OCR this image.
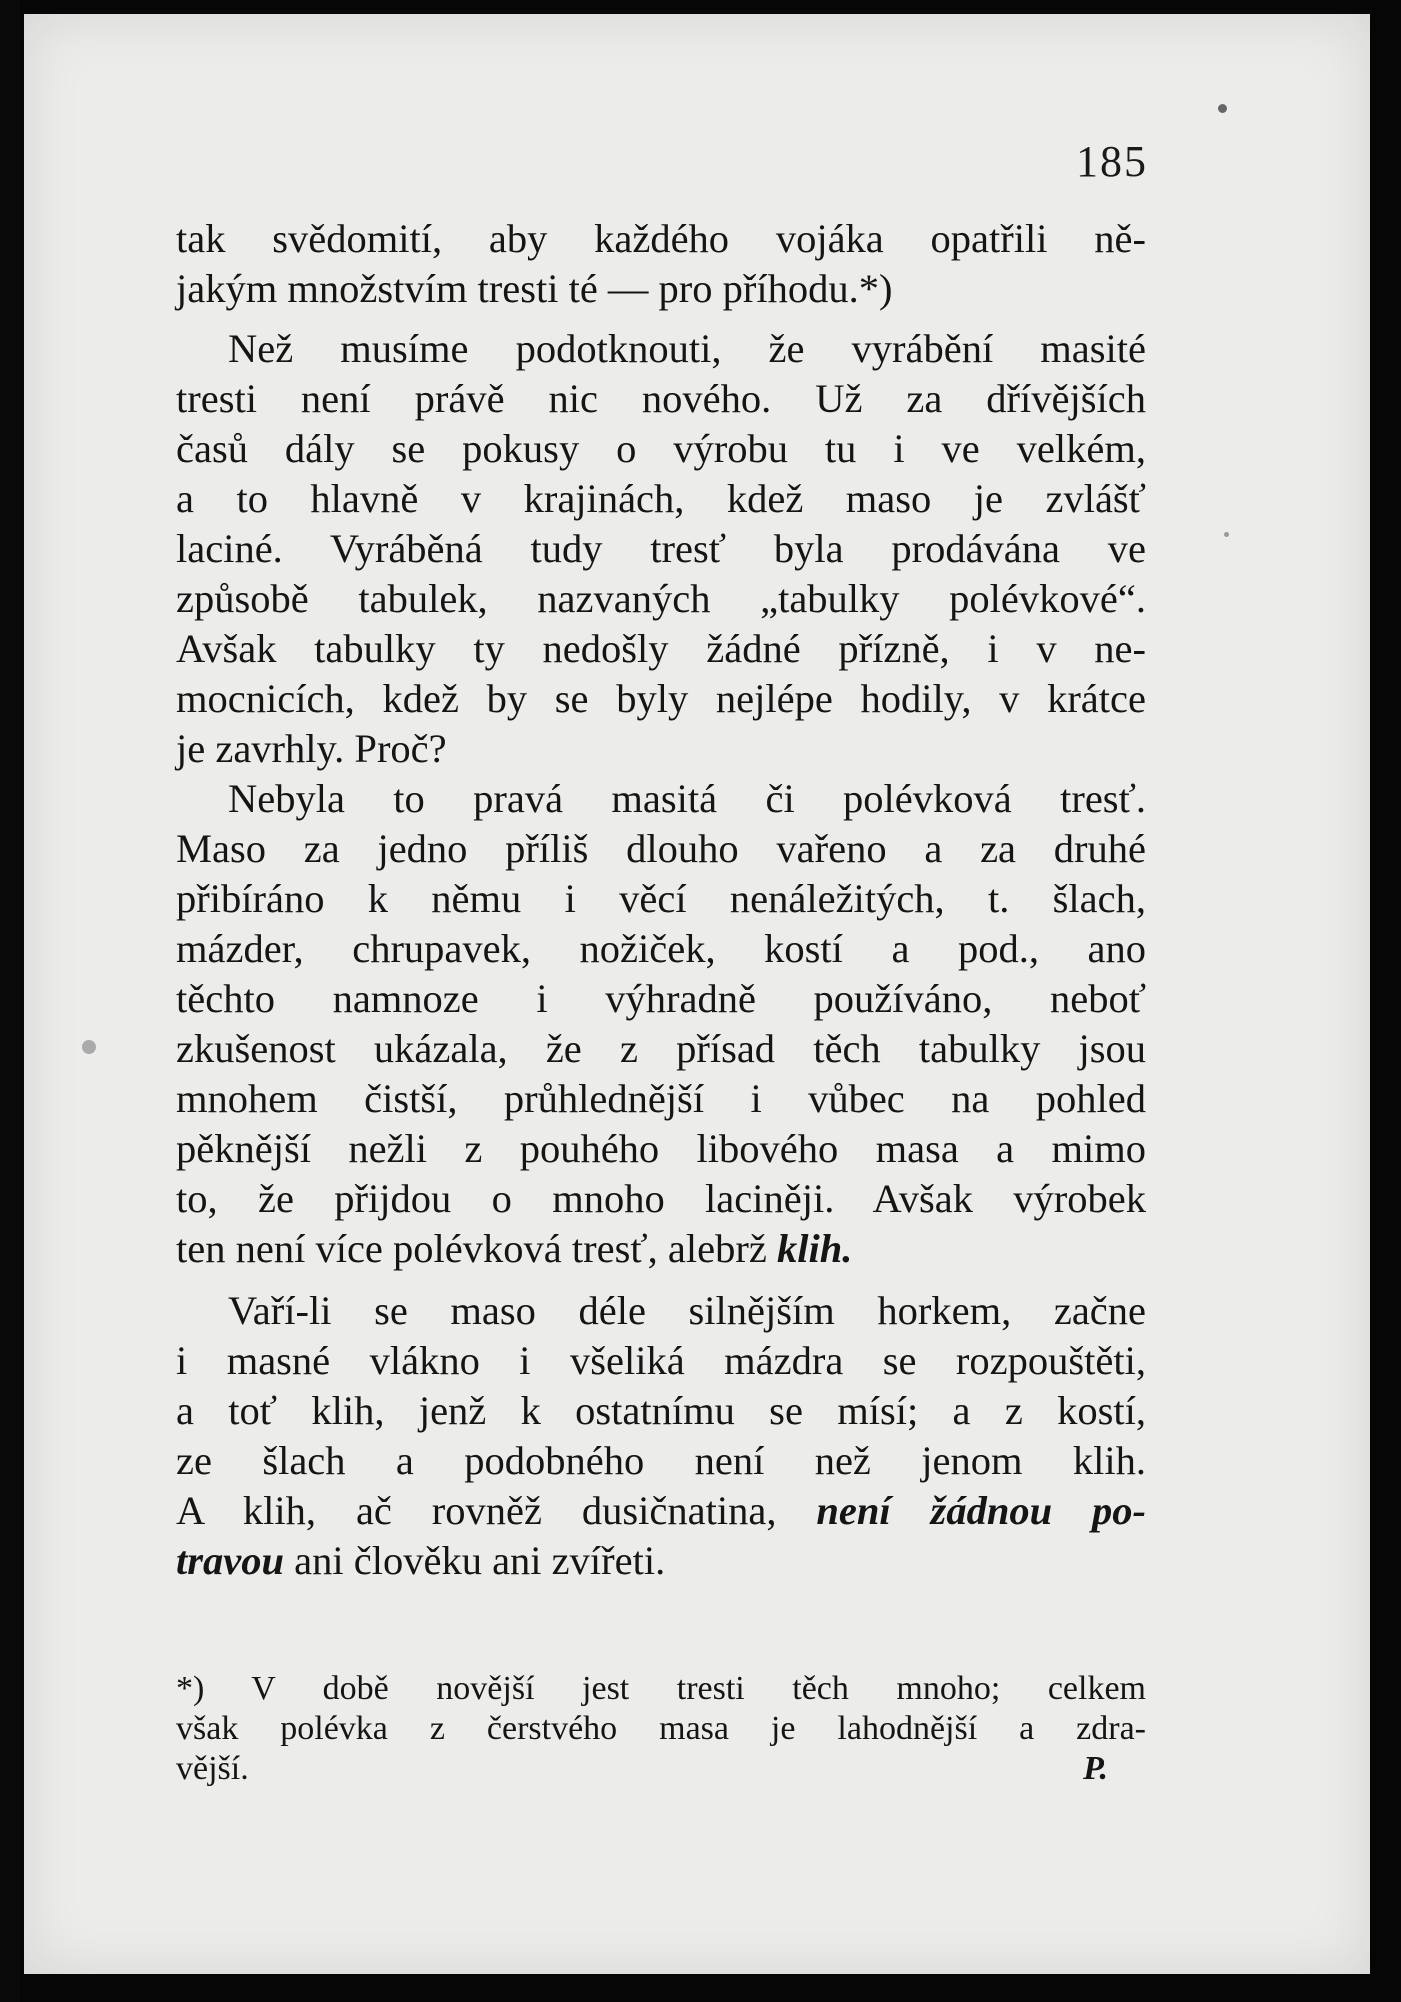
185
tak svědomití, aby každého vojáka opatřili ně-
jakým množstvím tresti té — pro příhodu.*)
Než musíme podotknouti, že vyrábění masité
tresti není právě nic nového. Už za dřívějších
časů dály se pokusy o výrobu tu i ve velkém,
a to hlavně v krajinách, kdež maso je zvlášť
laciné. Vyráběná tudy tresť byla prodávána ve
způsobě tabulek, nazvaných „tabulky polévkové“.
Avšak tabulky ty nedošly žádné přízně, i v ne-
mocnicích, kdež by se byly nejlépe hodily, v krátce
je zavrhly. Proč?
Nebyla to pravá masitá či polévková tresť.
Maso za jedno příliš dlouho vařeno a za druhé
přibíráno k němu i věcí nenáležitých, t. šlach,
mázder, chrupavek, nožiček, kostí a pod., ano
těchto namnoze i výhradně používáno, neboť
zkušenost ukázala, že z přísad těch tabulky jsou
mnohem čistší, průhlednější i vůbec na pohled
pěknější nežli z pouhého libového masa a mimo
to, že přijdou o mnoho laciněji. Avšak výrobek
ten není více polévková tresť, alebrž klih.
Vaří-li se maso déle silnějším horkem, začne
i masné vlákno i všeliká mázdra se rozpouštěti,
a toť klih, jenž k ostatnímu se mísí; a z kostí,
ze šlach a podobného není než jenom klih.
A klih, ač rovněž dusičnatina, není žádnou po-
travou ani člověku ani zvířeti.
*) V době novější jest tresti těch mnoho; celkem
však polévka z čerstvého masa je lahodnější a zdra-
vější.	P.
